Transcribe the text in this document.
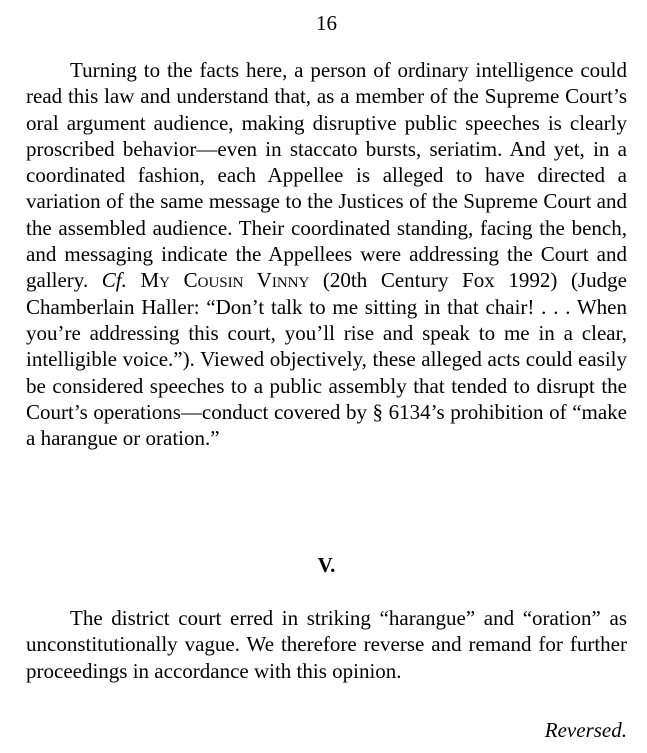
16

Turning to the facts here, a person of ordinary intelligence could read this law and understand that, as a member of the Supreme Court’s oral argument audience, making disruptive public speeches is clearly proscribed behavior—even in staccato bursts, seriatim. And yet, in a coordinated fashion, each Appellee is alleged to have directed a variation of the same message to the Justices of the Supreme Court and the assembled audience. Their coordinated standing, facing the bench, and messaging indicate the Appellees were addressing the Court and gallery. Cf. My Cousin Vinny (20th Century Fox 1992) (Judge Chamberlain Haller: “Don’t talk to me sitting in that chair! . . . When you’re addressing this court, you’ll rise and speak to me in a clear, intelligible voice.”). Viewed objectively, these alleged acts could easily be considered speeches to a public assembly that tended to disrupt the Court’s operations—conduct covered by § 6134’s prohibition of “make a harangue or oration.”

V.

The district court erred in striking “harangue” and “oration” as unconstitutionally vague. We therefore reverse and remand for further proceedings in accordance with this opinion.

Reversed.
